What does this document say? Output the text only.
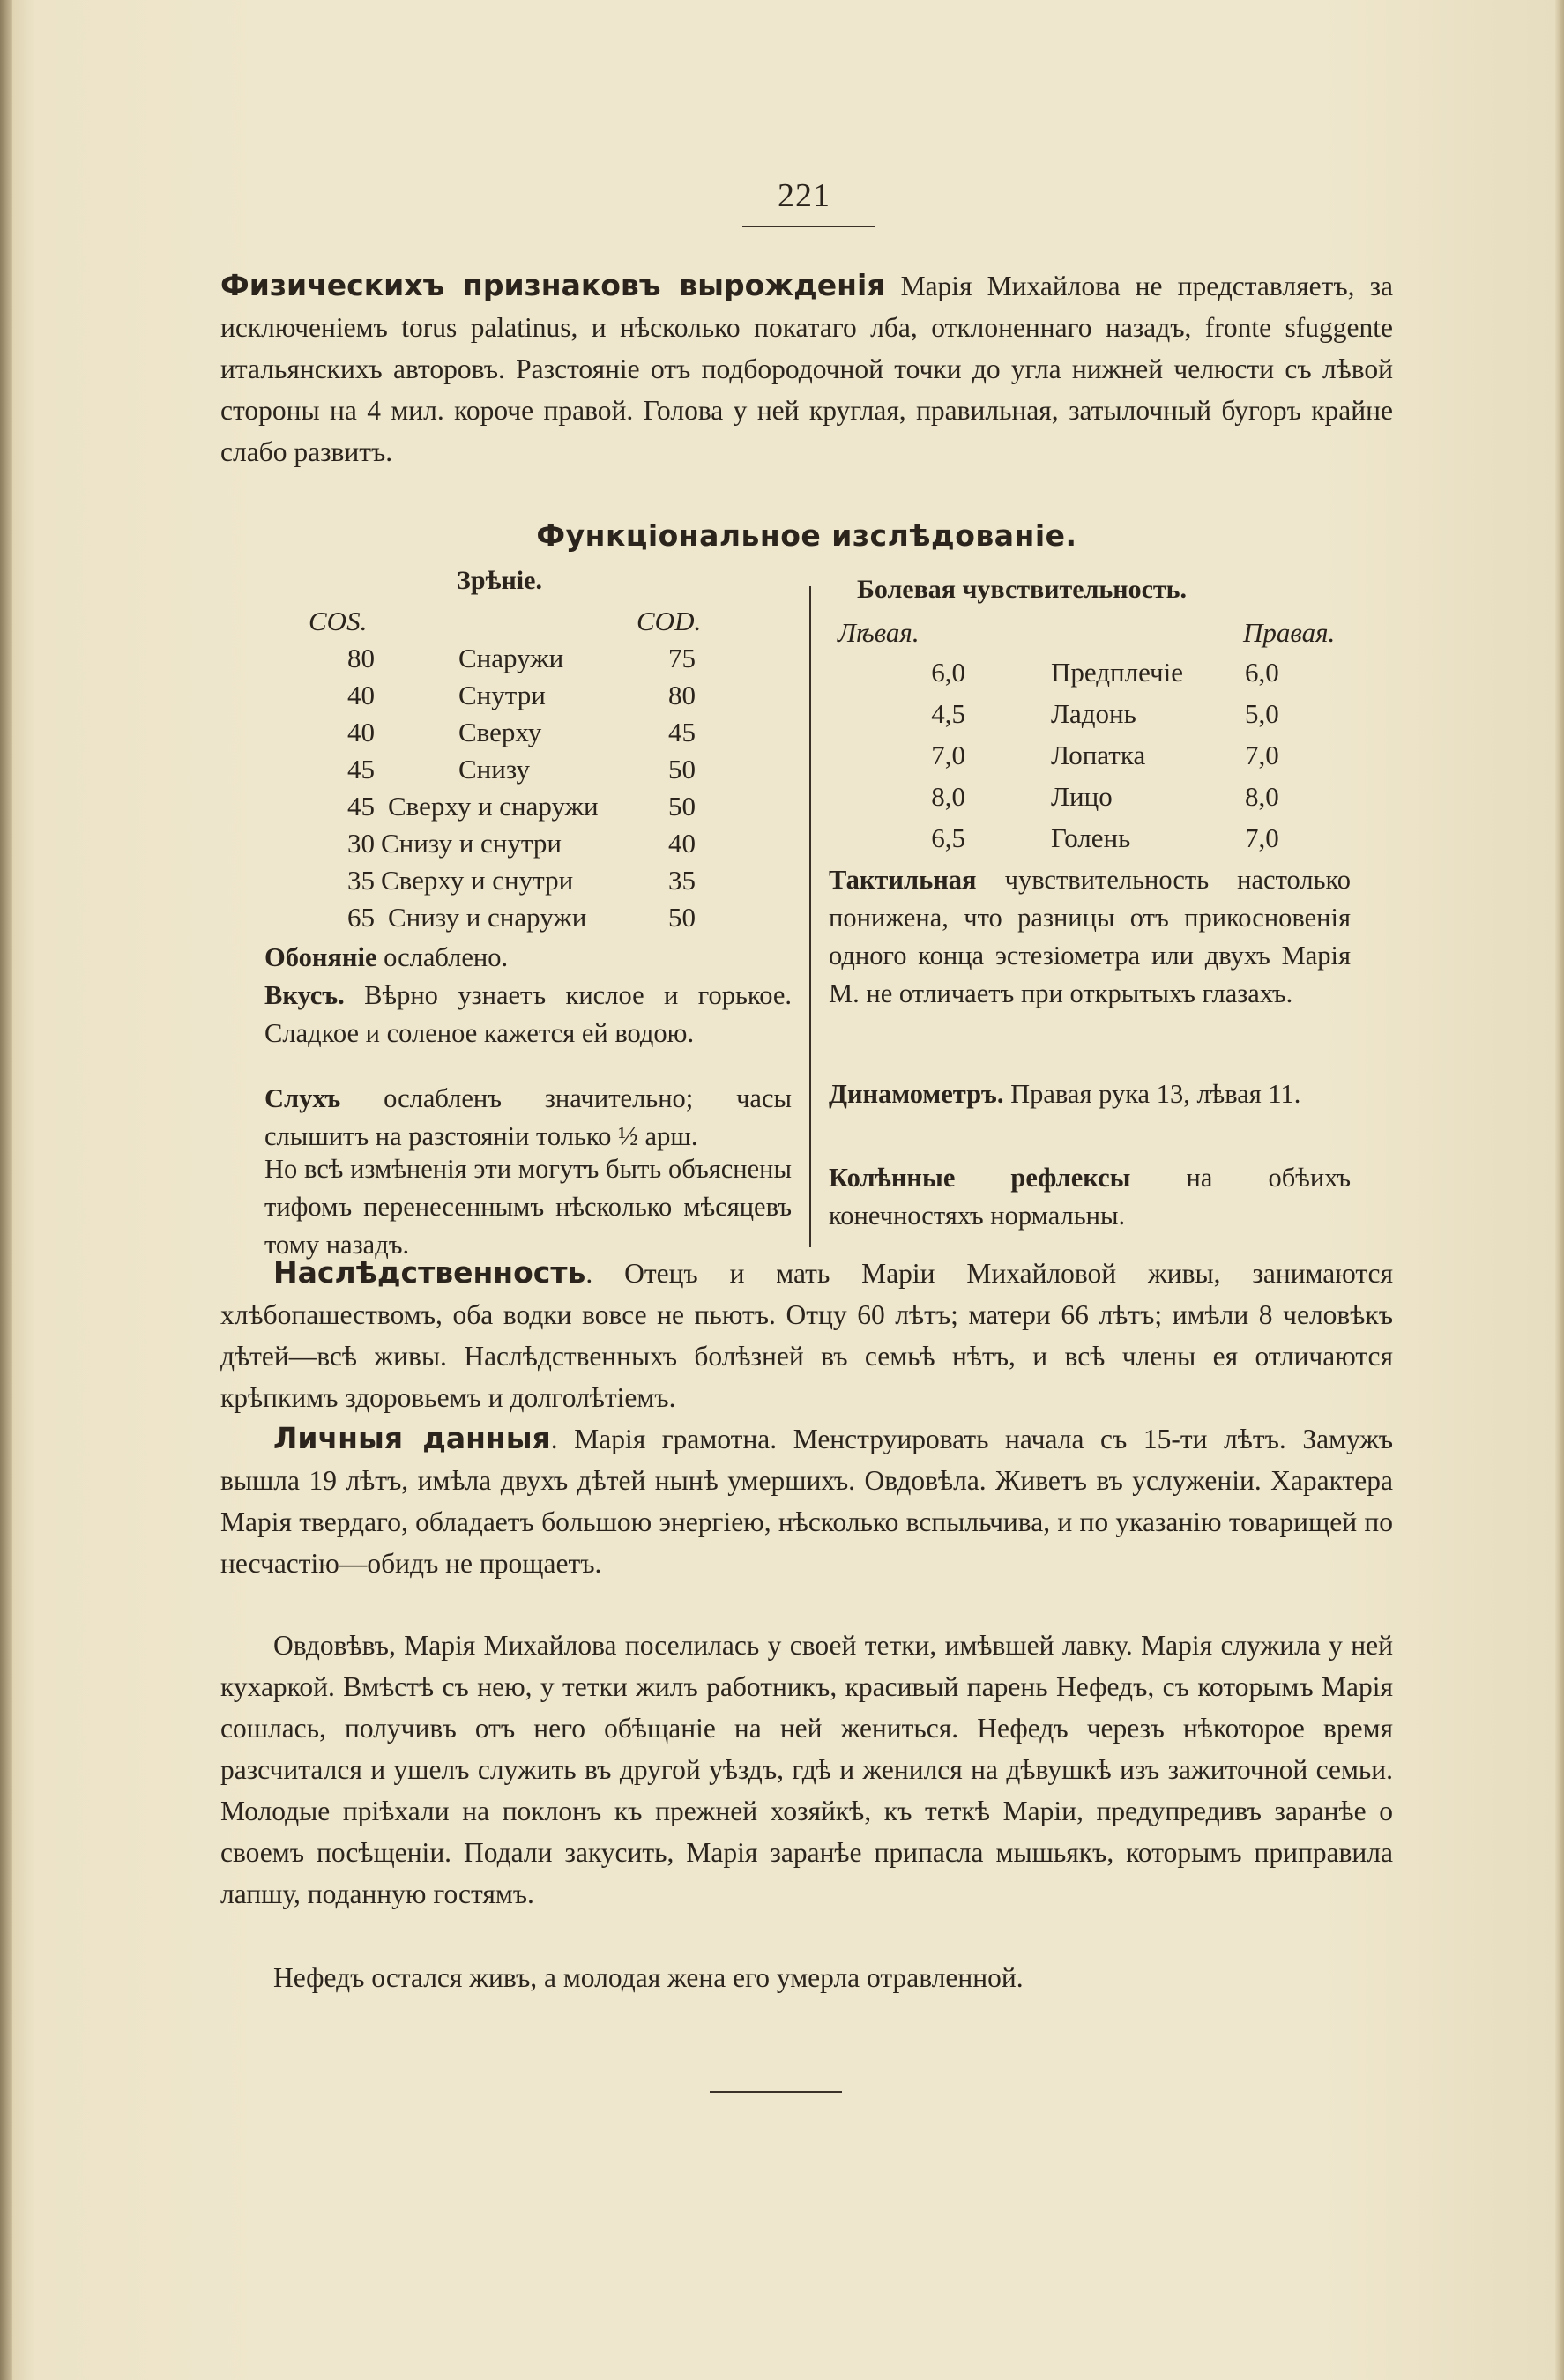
221
Физическихъ признаковъ вырожденія Марія Михайлова не представляетъ, за исключеніемъ torus palatinus, и нѣсколько покатаго лба, отклоненнаго назадъ, fronte sfuggente итальянскихъ авторовъ. Разстояніе отъ подбородочной точки до угла нижней челюсти съ лѣвой стороны на 4 мил. короче правой. Голова у ней круглая, правильная, затылочный бугоръ крайне слабо развитъ.
Функціональное изслѣдованіе.
Зрѣніе.
COS.	COD.
80	Снаружи	75
40	Снутри	80
40	Сверху	45
45	Снизу	50
45 Сверху и снаружи	50
30 Снизу и снутри	40
35 Сверху и снутри	35
65 Снизу и снаружи	50
Обоняніе ослаблено.
Вкусъ. Вѣрно узнаетъ кислое и горькое. Сладкое и соленое кажется ей водою.
Слухъ ослабленъ значительно; часы слышитъ на разстояніи только ½ арш.
Но всѣ измѣненія эти могутъ быть объяснены тифомъ перенесеннымъ нѣсколько мѣсяцевъ тому назадъ.
Болевая чувствительность.
Лѣвая.	Правая.
6,0	Предплечіе 6,0
4,5	Ладонь	5,0
7,0	Лопатка	7,0
8,0	Лицо	8,0
6,5	Голень	7,0
Тактильная чувствительность настолько понижена, что разницы отъ прикосновенія одного конца эстезіометра или двухъ Марія М. не отличаетъ при открытыхъ глазахъ.
Динамометръ. Правая рука 13, лѣвая 11.
Колѣнные рефлексы на обѣихъ конечностяхъ нормальны.
Наслѣдственность. Отецъ и мать Маріи Михайловой живы, занимаются хлѣбопашествомъ, оба водки вовсе не пьютъ. Отцу 60 лѣтъ; матери 66 лѣтъ; имѣли 8 человѣкъ дѣтей—всѣ живы. Наслѣдственныхъ болѣзней въ семьѣ нѣтъ, и всѣ члены ея отличаются крѣпкимъ здоровьемъ и долголѣтіемъ.
Личныя данныя. Марія грамотна. Менструировать начала съ 15-ти лѣтъ. Замужъ вышла 19 лѣтъ, имѣла двухъ дѣтей нынѣ умершихъ. Овдовѣла. Живетъ въ услуженіи. Характера Марія твердаго, обладаетъ большою энергіею, нѣсколько вспыльчива, и по указанію товарищей по несчастію—обидъ не прощаетъ.
Овдовѣвъ, Марія Михайлова поселилась у своей тетки, имѣвшей лавку. Марія служила у ней кухаркой. Вмѣстѣ съ нею, у тетки жилъ работникъ, красивый парень Нефедъ, съ которымъ Марія сошлась, получивъ отъ него обѣщаніе на ней жениться. Нефедъ черезъ нѣкоторое время разсчитался и ушелъ служить въ другой уѣздъ, гдѣ и женился на дѣвушкѣ изъ зажиточной семьи. Молодые пріѣхали на поклонъ къ прежней хозяйкѣ, къ теткѣ Маріи, предупредивъ заранѣе о своемъ посѣщеніи. Подали закусить, Марія заранѣе припасла мышьякъ, которымъ приправила лапшу, поданную гостямъ.
Нефедъ остался живъ, а молодая жена его умерла отравленной.
